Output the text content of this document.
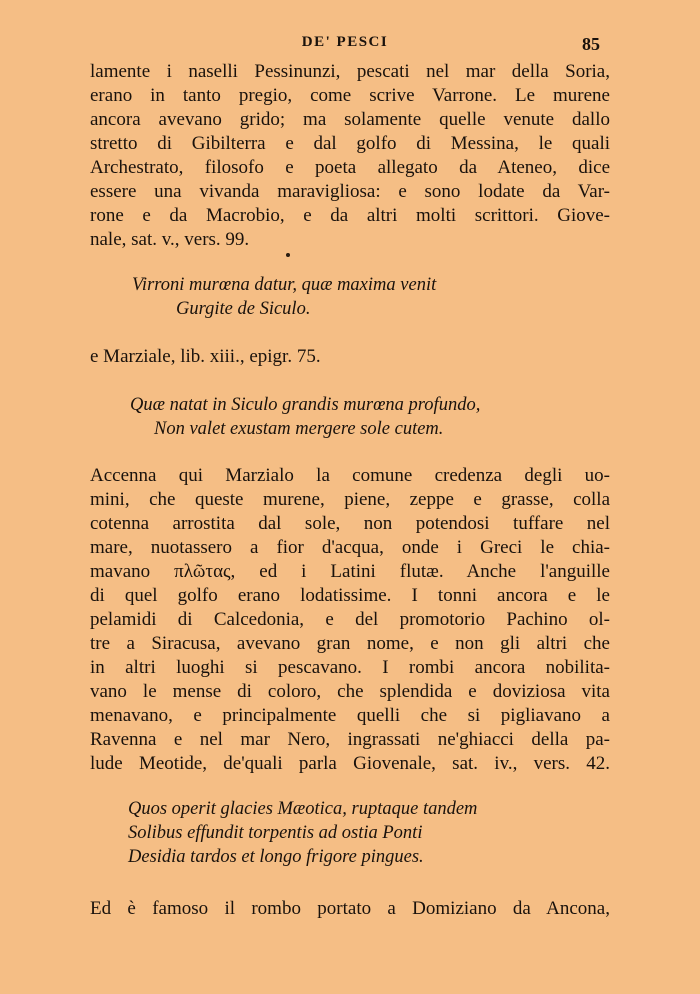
DE' PESCI	85
lamente i naselli Pessinunzi, pescati nel mar della Soria,
erano in tanto pregio, come scrive Varrone. Le murene
ancora avevano grido; ma solamente quelle venute dallo
stretto di Gibilterra e dal golfo di Messina, le quali
Archestrato, filosofo e poeta allegato da Ateneo, dice
essere una vivanda maravigliosa: e sono lodate da Var-
rone e da Macrobio, e da altri molti scrittori. Giove-
nale, sat. v., vers. 99.
Virroni murœna datur, quæ maxima venit
Gurgite de Siculo.
e Marziale, lib. xiii., epigr. 75.
Quæ natat in Siculo grandis murœna profundo,
Non valet exustam mergere sole cutem.
Accenna qui Marzialo la comune credenza degli uo-
mini, che queste murene, piene, zeppe e grasse, colla
cotenna arrostita dal sole, non potendosi tuffare nel
mare, nuotassero a fior d'acqua, onde i Greci le chia-
mavano πλῶτας, ed i Latini flutæ. Anche l'anguille
di quel golfo erano lodatissime. I tonni ancora e le
pelamidi di Calcedonia, e del promotorio Pachino ol-
tre a Siracusa, avevano gran nome, e non gli altri che
in altri luoghi si pescavano. I rombi ancora nobilita-
vano le mense di coloro, che splendida e doviziosa vita
menavano, e principalmente quelli che si pigliavano a
Ravenna e nel mar Nero, ingrassati ne'ghiacci della pa-
lude Meotide, de'quali parla Giovenale, sat. iv., vers. 42.
Quos operit glacies Mæotica, ruptaque tandem
Solibus effundit torpentis ad ostia Ponti
Desidia tardos et longo frigore pingues.
Ed è famoso il rombo portato a Domiziano da Ancona,
